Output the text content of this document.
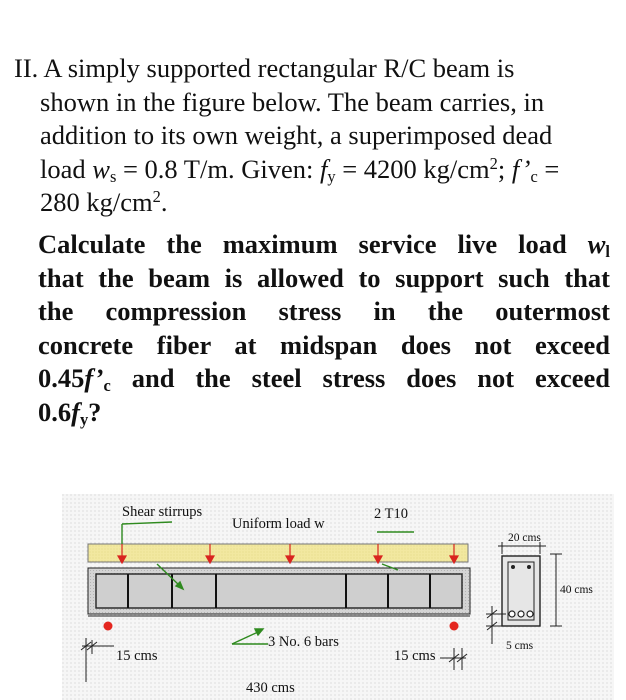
II. A simply supported rectangular R/C beam is
shown in the figure below. The beam carries, in
addition to its own weight, a superimposed dead
load $w_s = 0.8$ T/m. Given: $f_y = 4200$ $kg/cm^2$; $f’_c$ =
280 $kg/cm^2$.
Calculate the maximum service live load $w_l$
that the beam is allowed to support such that
the compression stress in the outermost
concrete fiber at midspan does not exceed
$0.45f’_c$ and the steel stress does not exceed
$0.6f_y$?
Shear stirrups
Uniform load w
2 T10
3 No. 6 bars
15 cms	15 cms
430 cms
20 cms
40 cms
5 cms
